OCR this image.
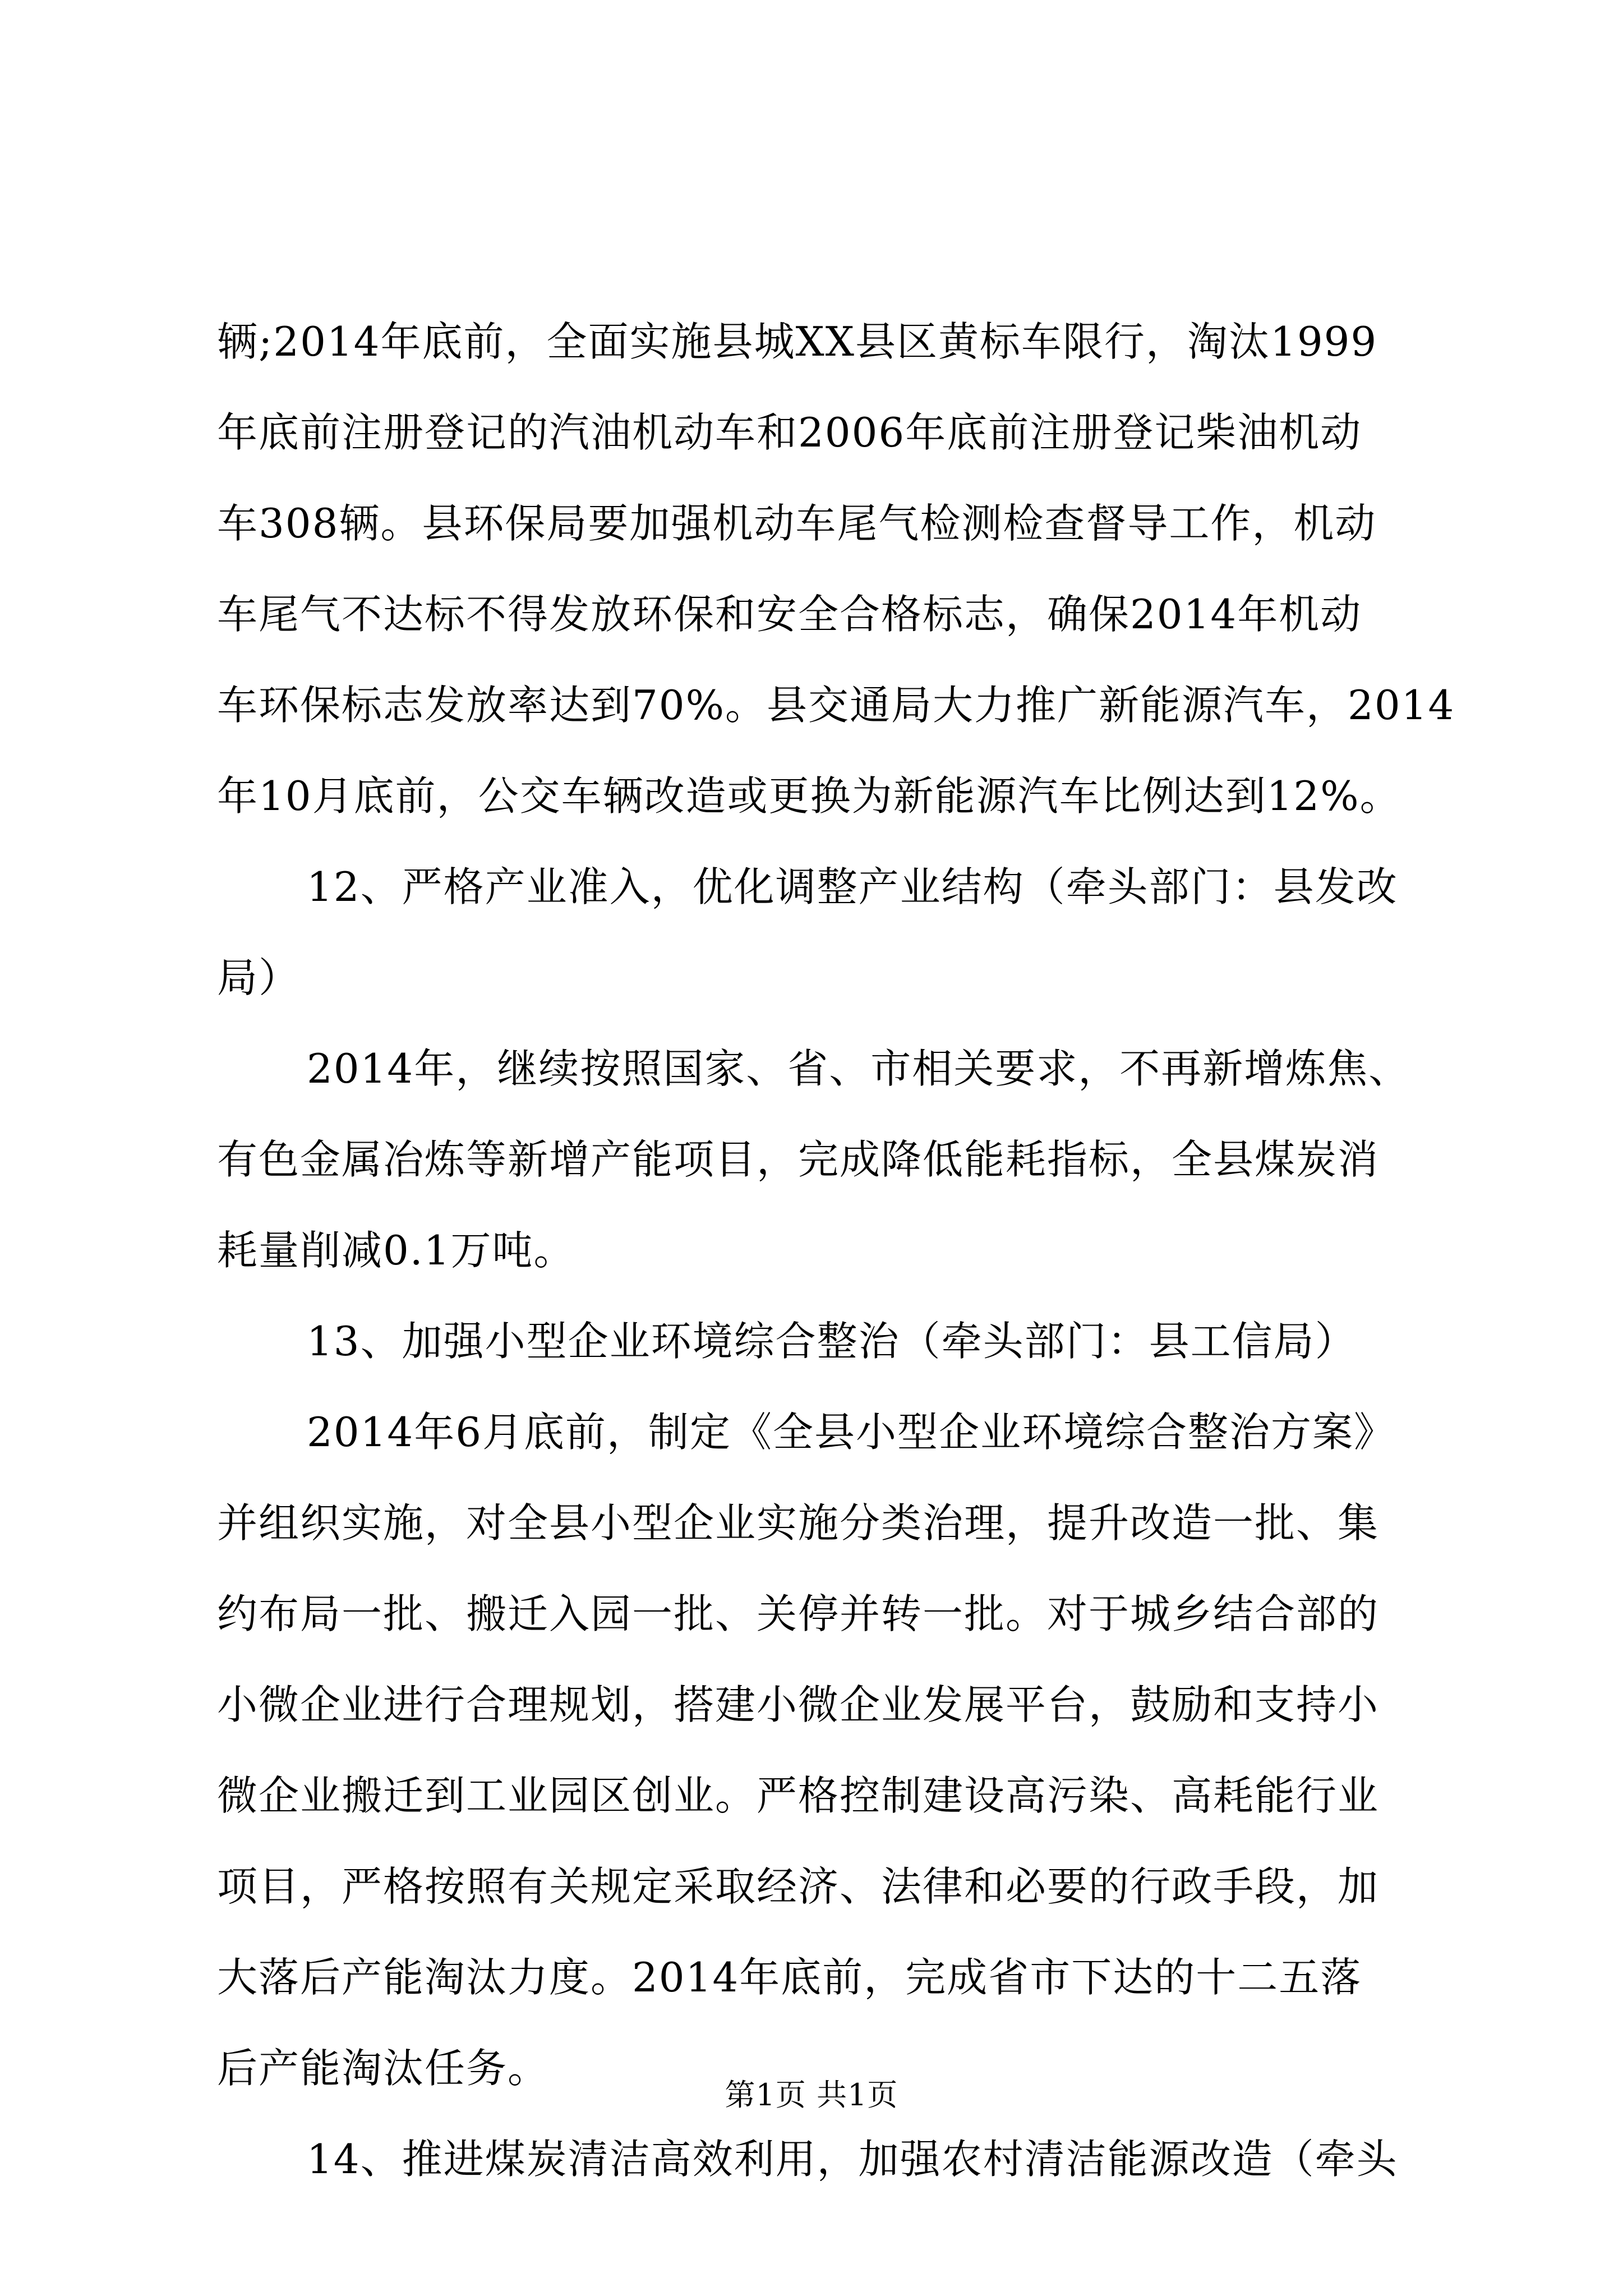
辆;2014年底前，全面实施县城XX县区黄标车限行，淘汰1999
年底前注册登记的汽油机动车和2006年底前注册登记柴油机动
车308辆。县环保局要加强机动车尾气检测检查督导工作，机动
车尾气不达标不得发放环保和安全合格标志，确保2014年机动
车环保标志发放率达到70%。县交通局大力推广新能源汽车，2014
年10月底前，公交车辆改造或更换为新能源汽车比例达到12%。
12、严格产业准入，优化调整产业结构（牵头部门：县发改
局）
2014年，继续按照国家、省、市相关要求，不再新增炼焦、
有色金属冶炼等新增产能项目，完成降低能耗指标，全县煤炭消
耗量削减0.1万吨。
13、加强小型企业环境综合整治（牵头部门：县工信局）
2014年6月底前，制定《全县小型企业环境综合整治方案》
并组织实施，对全县小型企业实施分类治理，提升改造一批、集
约布局一批、搬迁入园一批、关停并转一批。对于城乡结合部的
小微企业进行合理规划，搭建小微企业发展平台，鼓励和支持小
微企业搬迁到工业园区创业。严格控制建设高污染、高耗能行业
项目，严格按照有关规定采取经济、法律和必要的行政手段，加
大落后产能淘汰力度。2014年底前，完成省市下达的十二五落
后产能淘汰任务。
14、推进煤炭清洁高效利用，加强农村清洁能源改造（牵头
第1页 共1页
